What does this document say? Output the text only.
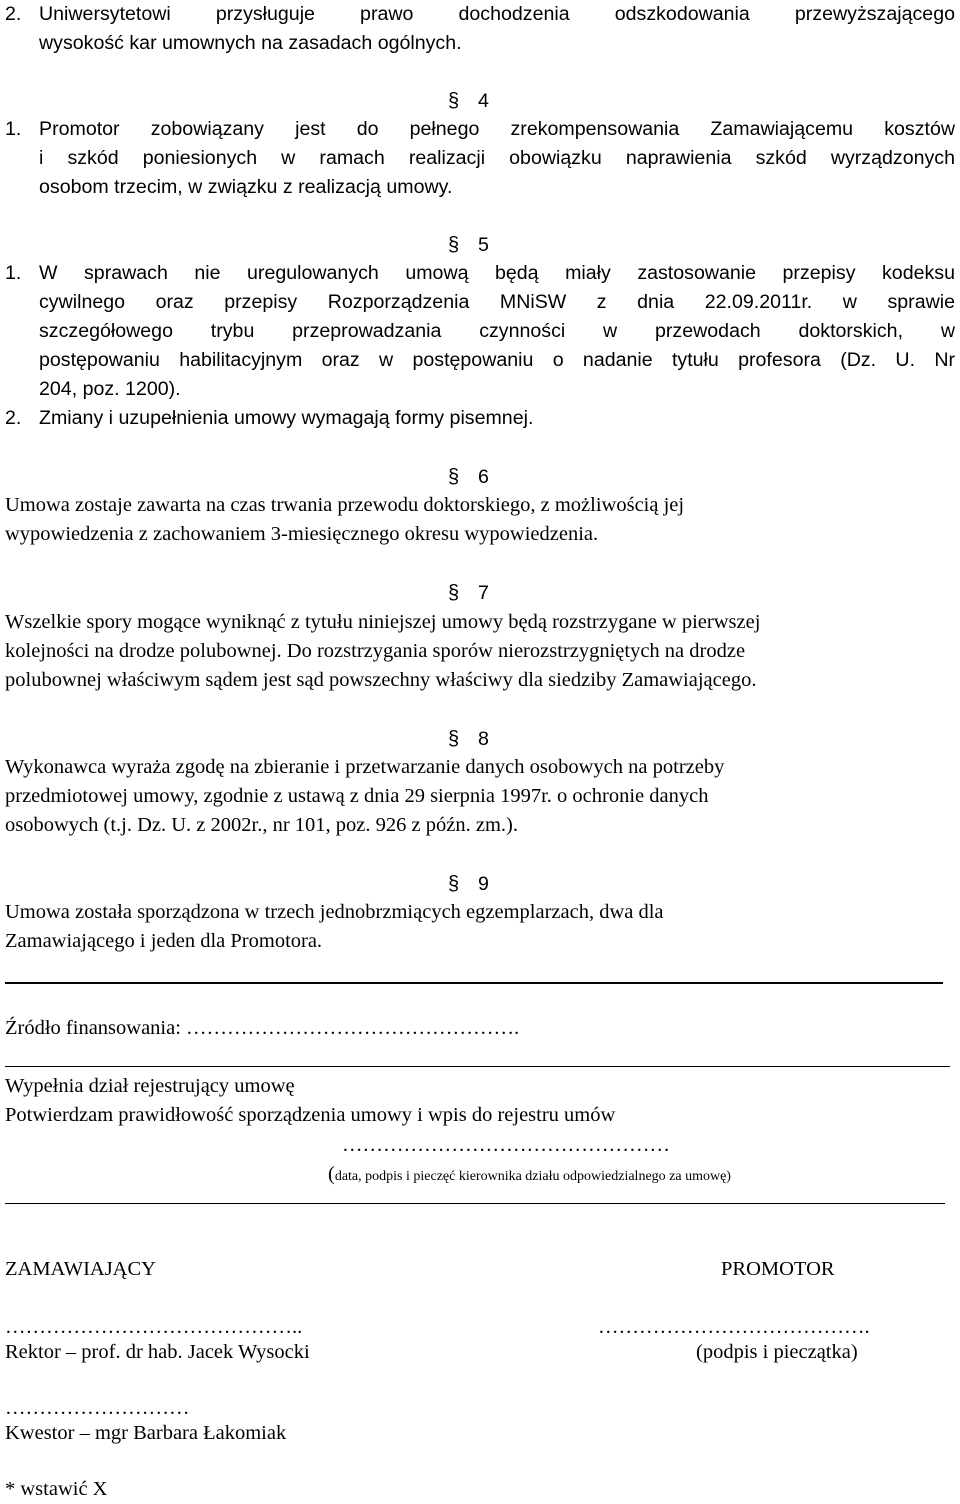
2. Uniwersytetowi przysługuje prawo dochodzenia odszkodowania przewyższającego
wysokość kar umownych na zasadach ogólnych.
§ 4
1. Promotor zobowiązany jest do pełnego zrekompensowania Zamawiającemu kosztów
i szkód poniesionych w ramach realizacji obowiązku naprawienia szkód wyrządzonych
osobom trzecim, w związku z realizacją umowy.
§ 5
1. W sprawach nie uregulowanych umową będą miały zastosowanie przepisy kodeksu
cywilnego oraz przepisy Rozporządzenia MNiSW z dnia 22.09.2011r. w sprawie
szczegółowego trybu przeprowadzania czynności w przewodach doktorskich, w
postępowaniu habilitacyjnym oraz w postępowaniu o nadanie tytułu profesora (Dz. U. Nr
204, poz. 1200).
2. Zmiany i uzupełnienia umowy wymagają formy pisemnej.
§ 6
Umowa zostaje zawarta na czas trwania przewodu doktorskiego, z możliwością jej
wypowiedzenia z zachowaniem 3-miesięcznego okresu wypowiedzenia.
§ 7
Wszelkie spory mogące wyniknąć z tytułu niniejszej umowy będą rozstrzygane w pierwszej
kolejności na drodze polubownej. Do rozstrzygania sporów nierozstrzygniętych na drodze
polubownej właściwym sądem jest sąd powszechny właściwy dla siedziby Zamawiającego.
§ 8
Wykonawca wyraża zgodę na zbieranie i przetwarzanie danych osobowych na potrzeby
przedmiotowej umowy, zgodnie z ustawą z dnia 29 sierpnia 1997r. o ochronie danych
osobowych (t.j. Dz. U. z 2002r., nr 101, poz. 926 z późn. zm.).
§ 9
Umowa została sporządzona w trzech jednobrzmiących egzemplarzach, dwa dla
Zamawiającego i jeden dla Promotora.
Źródło finansowania: ………………………………………….
Wypełnia dział rejestrujący umowę
Potwierdzam prawidłowość sporządzenia umowy i wpis do rejestru umów
…………………………………………
(data, podpis i pieczęć kierownika działu odpowiedzialnego za umowę)
ZAMAWIAJĄCY	PROMOTOR
……………………………………..	………………………………….
Rektor – prof. dr hab. Jacek Wysocki	(podpis i pieczątka)
………………………
Kwestor – mgr Barbara Łakomiak
* wstawić X
